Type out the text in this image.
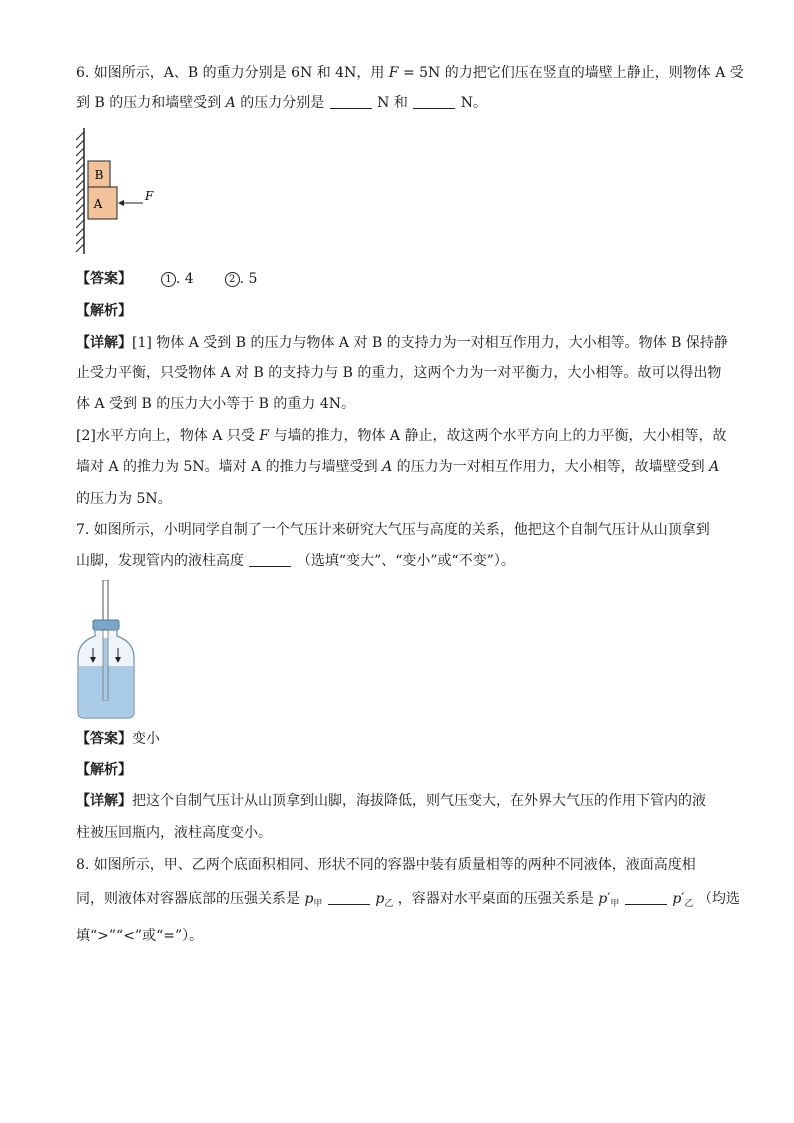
6. 如图所示，A、B 的重力分别是 6N 和 4N，用 F = 5N 的力把它们压在竖直的墙壁上静止，则物体 A 受
到 B 的压力和墙壁受到 A 的压力分别是	N 和	N。
B
A
F
【答案】	1 . 4	2 . 5
【解析】
【详解】[1] 物体 A 受到 B 的压力与物体 A 对 B 的支持力为一对相互作用力，大小相等。物体 B 保持静
止受力平衡，只受物体 A 对 B 的支持力与 B 的重力，这两个力为一对平衡力，大小相等。故可以得出物
体 A 受到 B 的压力大小等于 B 的重力 4N。
[2]水平方向上，物体 A 只受 F 与墙的推力，物体 A 静止，故这两个水平方向上的力平衡，大小相等，故
墙对 A 的推力为 5N。墙对 A 的推力与墙壁受到 A 的压力为一对相互作用力，大小相等，故墙壁受到 A
的压力为 5N。
7. 如图所示，小明同学自制了一个气压计来研究大气压与高度的关系，他把这个自制气压计从山顶拿到
山脚，发现管内的液柱高度	（选填“变大”、“变小”或“不变”）。
【答案】变小
【解析】
【详解】把这个自制气压计从山顶拿到山脚，海拔降低，则气压变大，在外界大气压的作用下管内的液
柱被压回瓶内，液柱高度变小。
8. 如图所示，甲、乙两个底面积相同、形状不同的容器中装有质量相等的两种不同液体，液面高度相
同，则液体对容器底部的压强关系是 $p_甲$	$p_乙$ ，容器对水平桌面的压强关系是 $p'_甲$	$p'_乙$ （均选
填“>”“<”或“=”）。
